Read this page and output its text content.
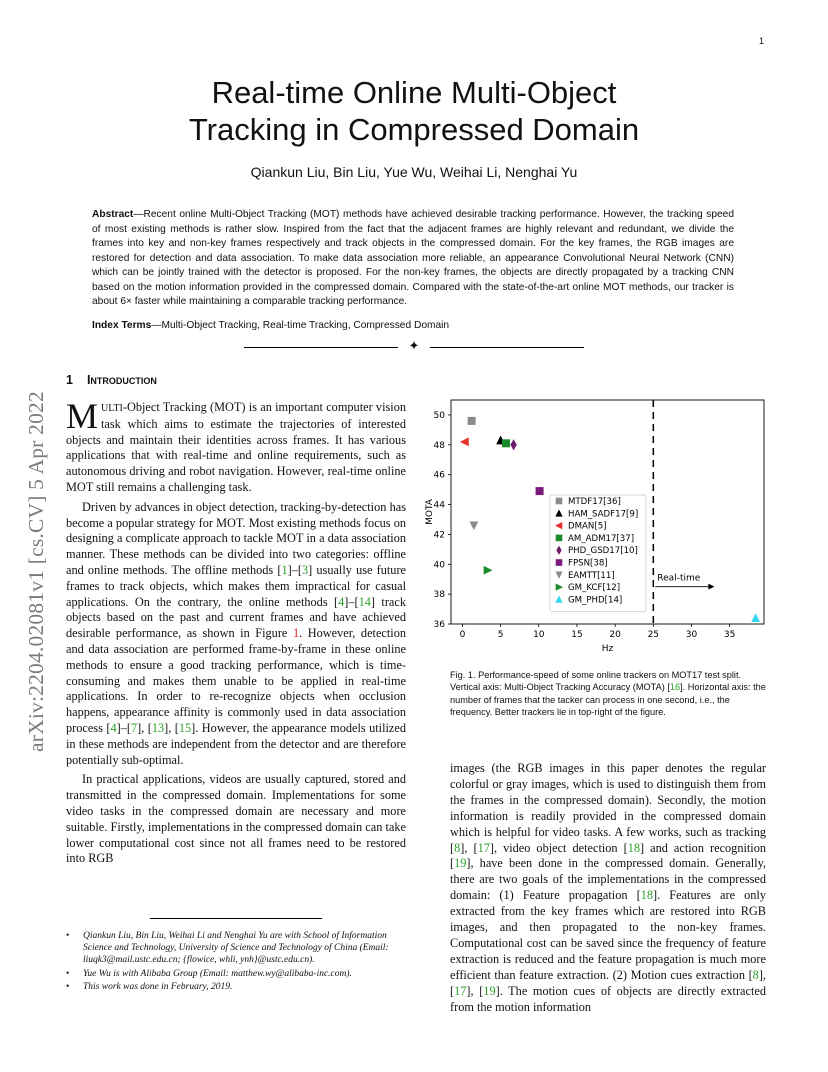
1
Real-time Online Multi-Object
Tracking in Compressed Domain
Qiankun Liu, Bin Liu, Yue Wu, Weihai Li, Nenghai Yu
Abstract—Recent online Multi-Object Tracking (MOT) methods have achieved desirable tracking performance. However, the tracking speed of most existing methods is rather slow. Inspired from the fact that the adjacent frames are highly relevant and redundant, we divide the frames into key and non-key frames respectively and track objects in the compressed domain. For the key frames, the RGB images are restored for detection and data association. To make data association more reliable, an appearance Convolutional Neural Network (CNN) which can be jointly trained with the detector is proposed. For the non-key frames, the objects are directly propagated by a tracking CNN based on the motion information provided in the compressed domain. Compared with the state-of-the-art online MOT methods, our tracker is about 6× faster while maintaining a comparable tracking performance.
Index Terms—Multi-Object Tracking, Real-time Tracking, Compressed Domain
✦
arXiv:2204.02081v1 [cs.CV] 5 Apr 2022
1 Introduction

MULTI-Object Tracking (MOT) is an important computer vision task which aims to estimate the trajectories of interested objects and maintain their identities across frames. It has various applications that with real-time and online requirements, such as autonomous driving and robot navigation. However, real-time online MOT still remains a challenging task.

Driven by advances in object detection, tracking-by-detection has become a popular strategy for MOT. Most existing methods focus on designing a complicate approach to tackle MOT in a data association manner. These methods can be divided into two categories: offline and online methods. The offline methods [1]–[3] usually use future frames to track objects, which makes them impractical for casual applications. On the contrary, the online methods [4]–[14] track objects based on the past and current frames and have achieved desirable performance, as shown in Figure 1. However, detection and data association are performed frame-by-frame in these online methods to ensure a good tracking performance, which is time-consuming and makes them unable to be applied in real-time applications. In order to re-recognize objects when occlusion happens, appearance affinity is commonly used in data association process [4]–[7], [13], [15]. However, the appearance models utilized in these methods are independent from the detector and are therefore potentially sub-optimal.

In practical applications, videos are usually captured, stored and transmitted in the compressed domain. Implementations for some video tasks in the compressed domain are necessary and more suitable. Firstly, implementations in the compressed domain can take lower computational cost since not all frames need to be restored into RGB

• Qiankun Liu, Bin Liu, Weihai Li and Nenghai Yu are with School of Information Science and Technology, University of Science and Technology of China (Email: liuqk3@mail.ustc.edu.cn; {flowice, whli, ynh}@ustc.edu.cn).
• Yue Wu is with Alibaba Group (Email: matthew.wy@alibaba-inc.com).
• This work was done in February, 2019.
0	5	10	15	20	25	30	35
36
38
40
42
44
46
48
50
Hz
MOTA
Real-time
MTDF17[36]
HAM_SADF17[9]
DMAN[5]
AM_ADM17[37]
PHD_GSD17[10]
FPSN[38]
EAMTT[11]
GM_KCF[12]
GM_PHD[14]
Fig. 1. Performance-speed of some online trackers on MOT17 test split. Vertical axis: Multi-Object Tracking Accuracy (MOTA) [16]. Horizontal axis: the number of frames that the tacker can process in one second, i.e., the frequency. Better trackers lie in top-right of the figure.
images (the RGB images in this paper denotes the regular colorful or gray images, which is used to distinguish them from the frames in the compressed domain). Secondly, the motion information is readily provided in the compressed domain which is helpful for video tasks. A few works, such as tracking [8], [17], video object detection [18] and action recognition [19], have been done in the compressed domain. Generally, there are two goals of the implementations in the compressed domain: (1) Feature propagation [18]. Features are only extracted from the key frames which are restored into RGB images, and then propagated to the non-key frames. Computational cost can be saved since the frequency of feature extraction is reduced and the feature propagation is much more efficient than feature extraction. (2) Motion cues extraction [8], [17], [19]. The motion cues of objects are directly extracted from the motion information
